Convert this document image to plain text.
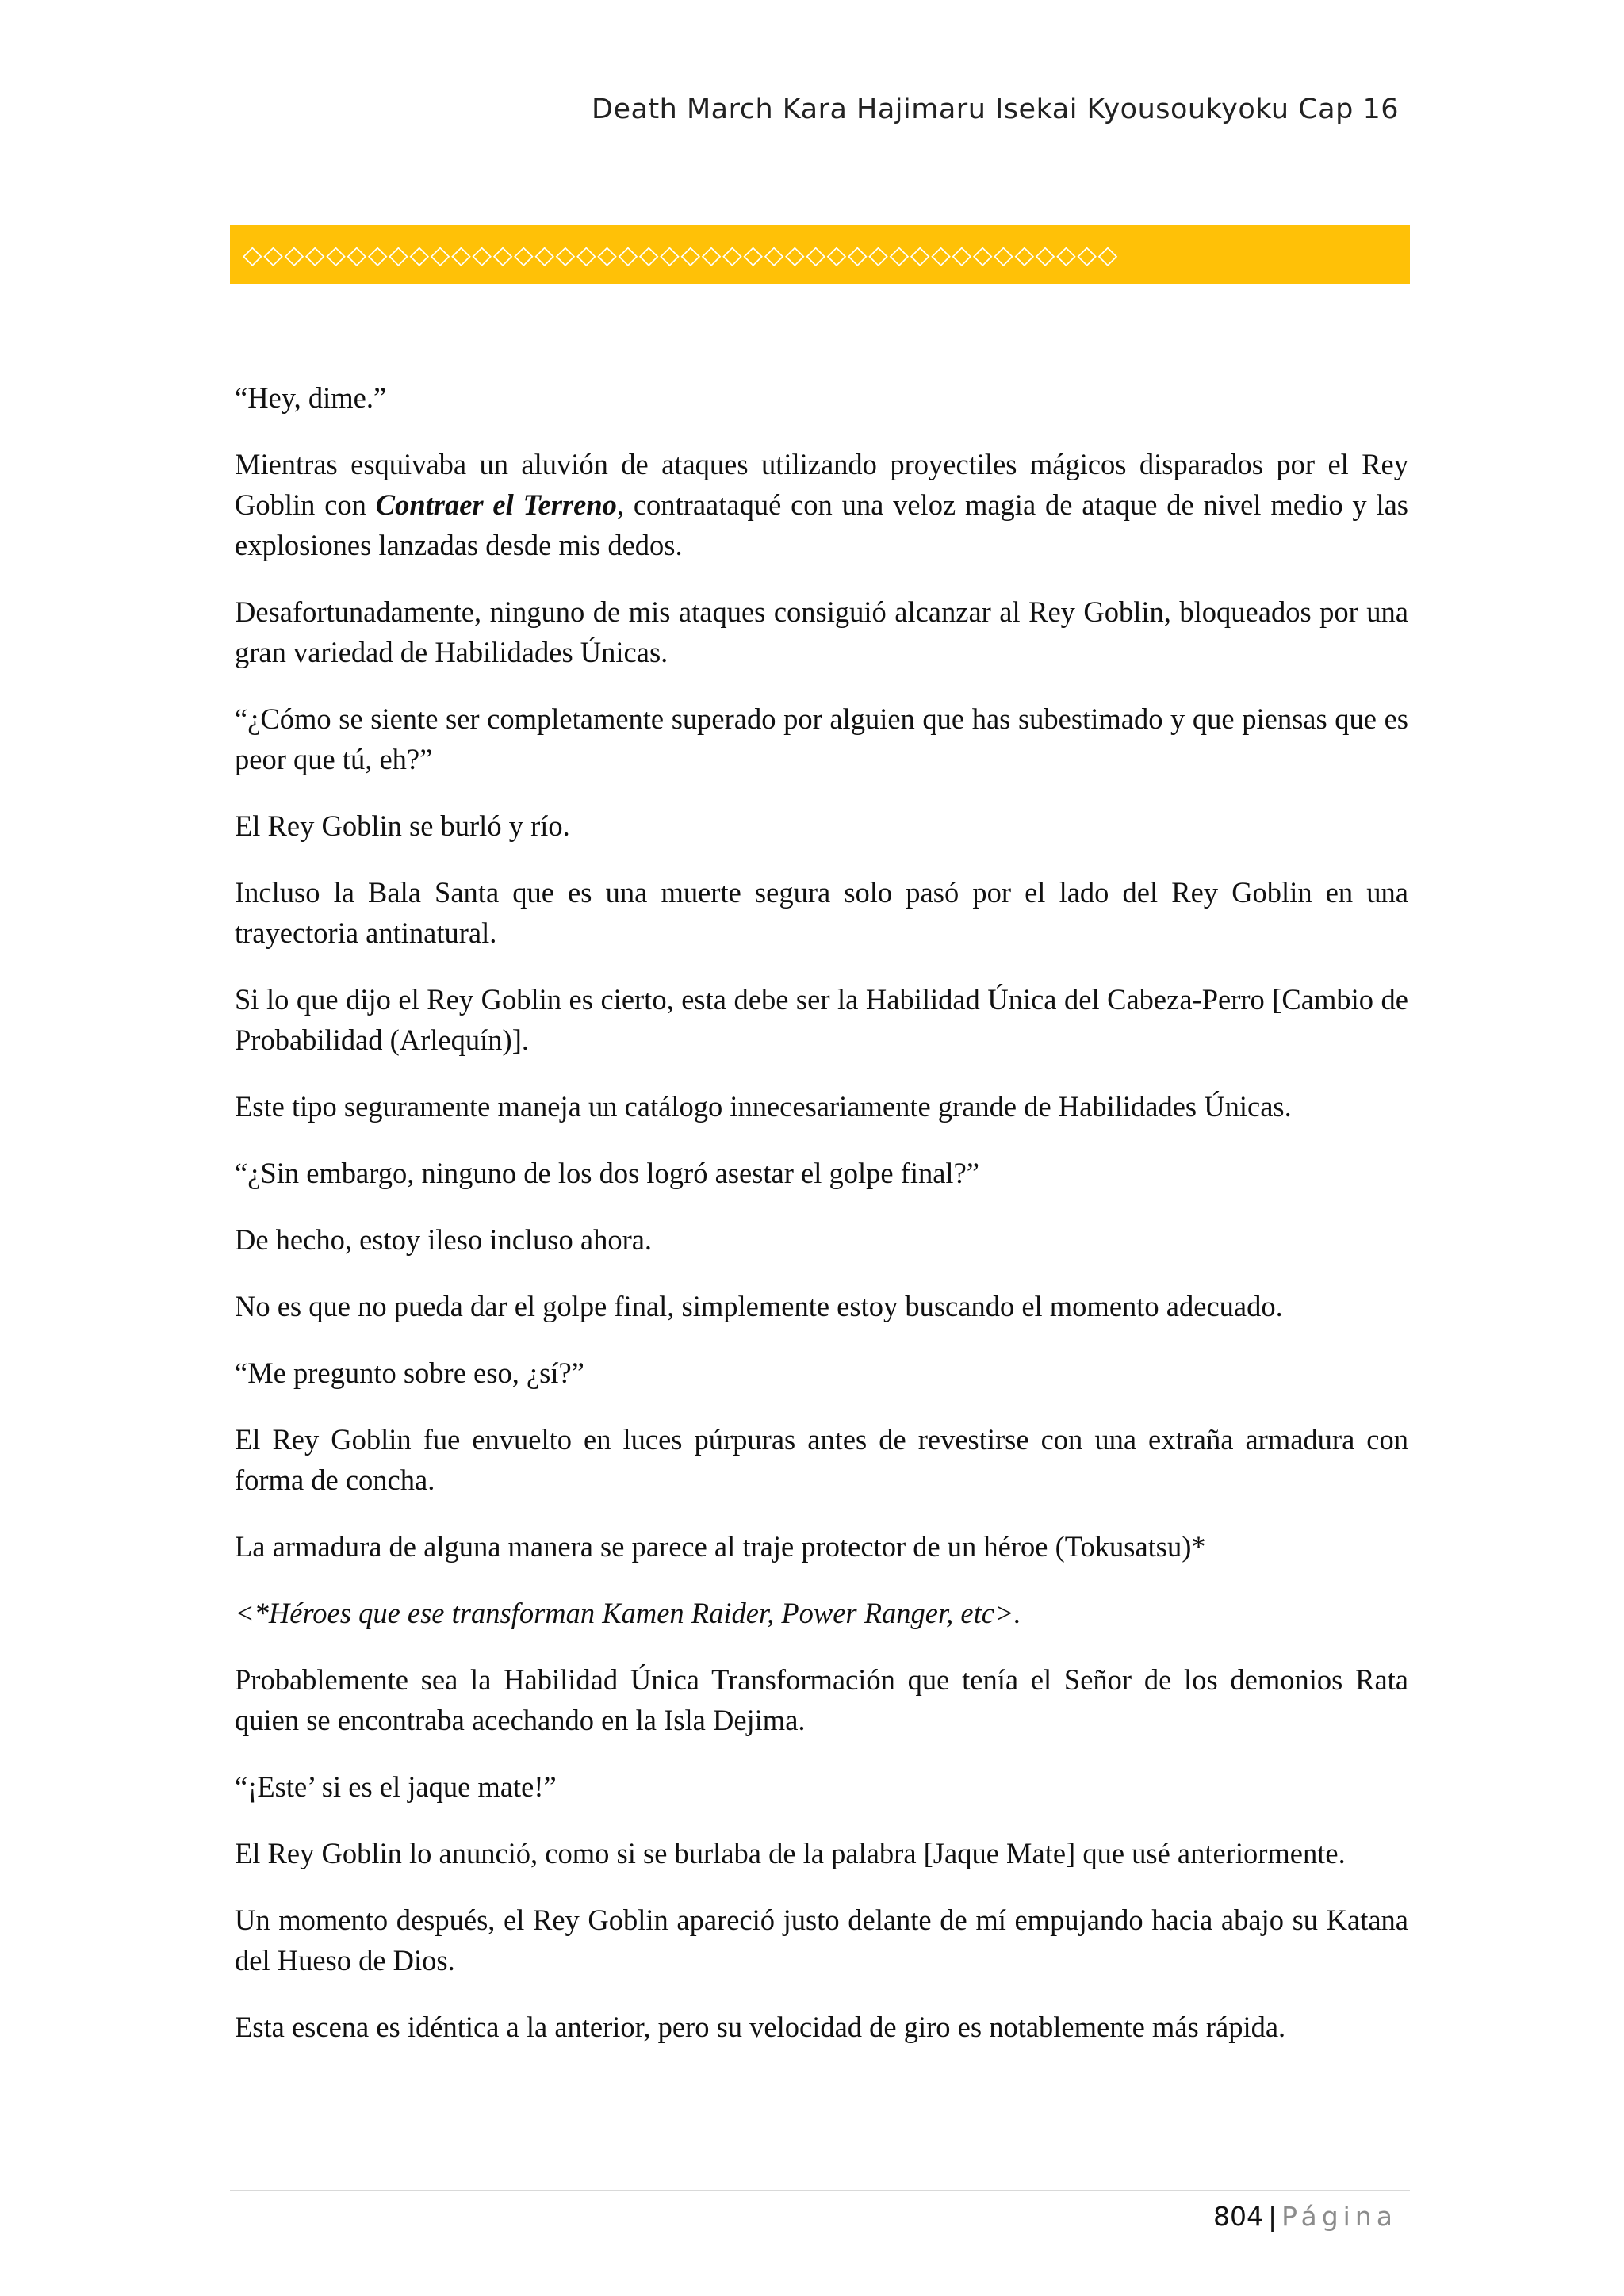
Death March Kara Hajimaru Isekai Kyousoukyoku Cap 16
◇◇◇◇◇◇◇◇◇◇◇◇◇◇◇◇◇◇◇◇◇◇◇◇◇◇◇◇◇◇◇◇◇◇◇◇◇◇◇◇◇◇

“Hey, dime.”

Mientras esquivaba un aluvión de ataques utilizando proyectiles mágicos disparados por el Rey Goblin con Contraer el Terreno, contraataqué con una veloz magia de ataque de nivel medio y las explosiones lanzadas desde mis dedos.

Desafortunadamente, ninguno de mis ataques consiguió alcanzar al Rey Goblin, bloqueados por una gran variedad de Habilidades Únicas.

“¿Cómo se siente ser completamente superado por alguien que has subestimado y que piensas que es peor que tú, eh?”

El Rey Goblin se burló y río.

Incluso la Bala Santa que es una muerte segura solo pasó por el lado del Rey Goblin en una trayectoria antinatural.

Si lo que dijo el Rey Goblin es cierto, esta debe ser la Habilidad Única del Cabeza-Perro [Cambio de Probabilidad (Arlequín)].

Este tipo seguramente maneja un catálogo innecesariamente grande de Habilidades Únicas.

“¿Sin embargo, ninguno de los dos logró asestar el golpe final?”

De hecho, estoy ileso incluso ahora.

No es que no pueda dar el golpe final, simplemente estoy buscando el momento adecuado.

“Me pregunto sobre eso, ¿sí?”

El Rey Goblin fue envuelto en luces púrpuras antes de revestirse con una extraña armadura con forma de concha.

La armadura de alguna manera se parece al traje protector de un héroe (Tokusatsu)*

<*Héroes que ese transforman Kamen Raider, Power Ranger, etc>.

Probablemente sea la Habilidad Única Transformación que tenía el Señor de los demonios Rata quien se encontraba acechando en la Isla Dejima.

“¡Este’ si es el jaque mate!”

El Rey Goblin lo anunció, como si se burlaba de la palabra [Jaque Mate] que usé anteriormente.

Un momento después, el Rey Goblin apareció justo delante de mí empujando hacia abajo su Katana del Hueso de Dios.

Esta escena es idéntica a la anterior, pero su velocidad de giro es notablemente más rápida.

804 | Página
